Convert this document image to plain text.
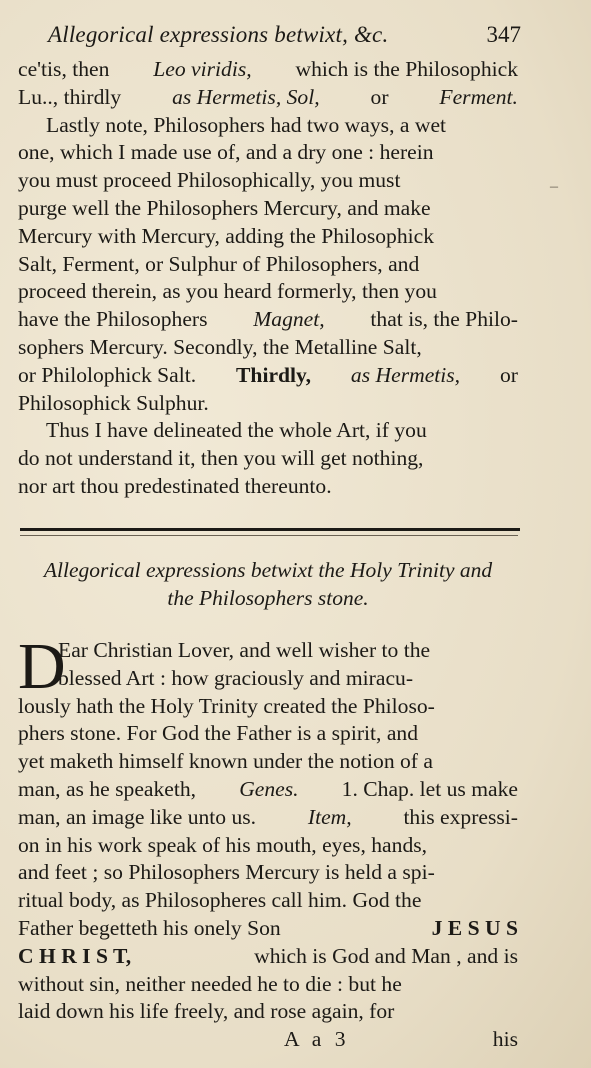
Allegorical expressions betwixt, &c.	347
ce'tis, then Leo viridis, which is the Philosophick
Lu.., thirdly as Hermetis, Sol, or Ferment.
Lastly note, Philosophers had two ways, a wet
one, which I made use of, and a dry one : herein
you must proceed Philosophically, you must
purge well the Philosophers Mercury, and make
Mercury with Mercury, adding the Philosophick
Salt, Ferment, or Sulphur of Philosophers, and
proceed therein, as you heard formerly, then you
have the Philosophers Magnet, that is, the Philo-
sophers Mercury. Secondly, the Metalline Salt,
or Philolophick Salt. Thirdly, as Hermetis, or
Philosophick Sulphur.
Thus I have delineated the whole Art, if you
do not understand it, then you will get nothing,
nor art thou predestinated thereunto.
Allegorical expressions betwixt the Holy Trinity and
the Philosophers stone.
D
Ear Christian Lover, and well wisher to the
blessed Art : how graciously and miracu-
lously hath the Holy Trinity created the Philoso-
phers stone. For God the Father is a spirit, and
yet maketh himself known under the notion of a
man, as he speaketh, Genes. 1. Chap. let us make
man, an image like unto us. Item, this expressi-
on in his work speak of his mouth, eyes, hands,
and feet ; so Philosophers Mercury is held a spi-
ritual body, as Philosopheres call him. God the
Father begetteth his onely Son	J E S U S
C H R I S T,	which is God and Man , and is
without sin, neither needed he to die : but he
laid down his life freely, and rose again, for
A a 3	his
–
